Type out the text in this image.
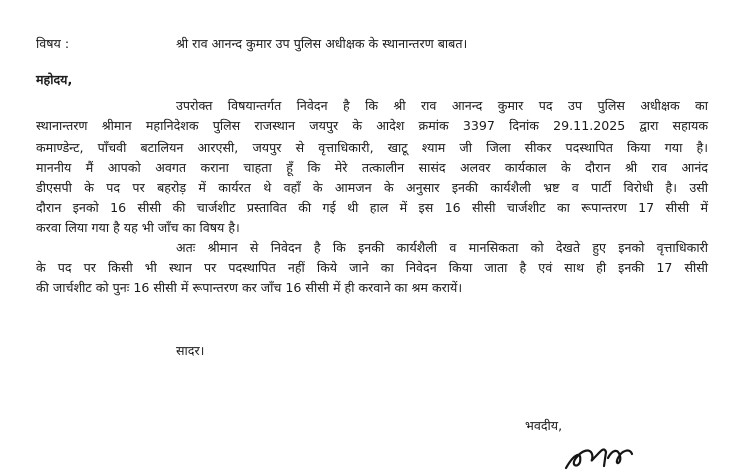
विषय :	श्री राव आनन्द कुमार उप पुलिस अधीक्षक के स्थानान्तरण बाबत।
महोदय,
उपरोक्त विषयान्तर्गत निवेदन है कि श्री राव आनन्द कुमार पद उप पुलिस अधीक्षक का
स्थानान्तरण श्रीमान महानिदेशक पुलिस राजस्थान जयपुर के आदेश क्रमांक 3397 दिनांक 29.11.2025 द्वारा सहायक
कमाण्डेन्ट, पाँचवी बटालियन आरएसी, जयपुर से वृत्ताधिकारी, खाटू श्याम जी जिला सीकर पदस्थापित किया गया है।
माननीय मैं आपको अवगत कराना चाहता हूँ कि मेरे तत्कालीन सासंद अलवर कार्यकाल के दौरान श्री राव आनंद
डीएसपी के पद पर बहरोड़ में कार्यरत थे वहाँ के आमजन के अनुसार इनकी कार्यशैली भ्रष्ट व पार्टी विरोधी है। उसी
दौरान इनको 16 सीसी की चार्जशीट प्रस्तावित की गई थी हाल में इस 16 सीसी चार्जशीट का रूपान्तरण 17 सीसी में
करवा लिया गया है यह भी जाँच का विषय है।
अतः श्रीमान से निवेदन है कि इनकी कार्यशैली व मानसिकता को देखते हुए इनको वृत्ताधिकारी
के पद पर किसी भी स्थान पर पदस्थापित नहीं किये जाने का निवेदन किया जाता है एवं साथ ही इनकी 17 सीसी
की जार्चशीट को पुनः 16 सीसी में रूपान्तरण कर जाँच 16 सीसी में ही करवाने का श्रम करायें।
सादर।
भवदीय,
